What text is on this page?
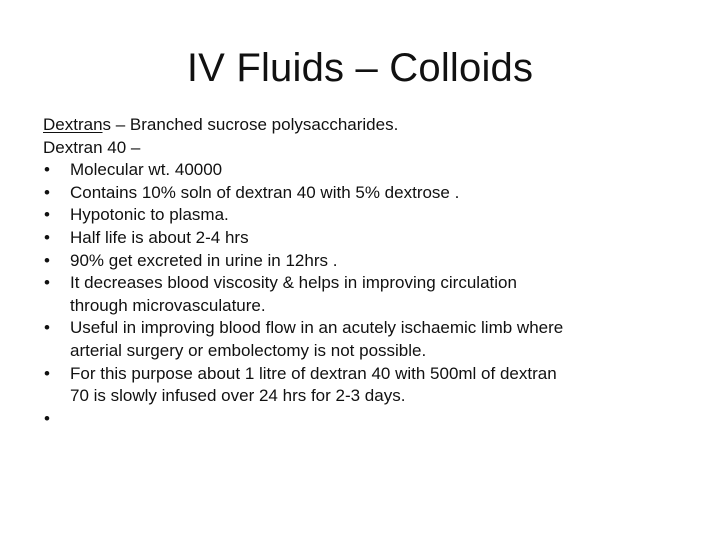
IV Fluids – Colloids
Dextrans – Branched sucrose polysaccharides.
Dextran 40 –
• Molecular wt. 40000
• Contains 10% soln of dextran 40 with 5% dextrose .
• Hypotonic to plasma.
• Half life is about 2-4 hrs
• 90% get excreted in urine in 12hrs .
• It decreases blood viscosity & helps in improving circulation
through microvasculature.
• Useful in improving blood flow in an acutely ischaemic limb where
arterial surgery or embolectomy is not possible.
• For this purpose about 1 litre of dextran 40 with 500ml of dextran
70 is slowly infused over 24 hrs for 2-3 days.
•
